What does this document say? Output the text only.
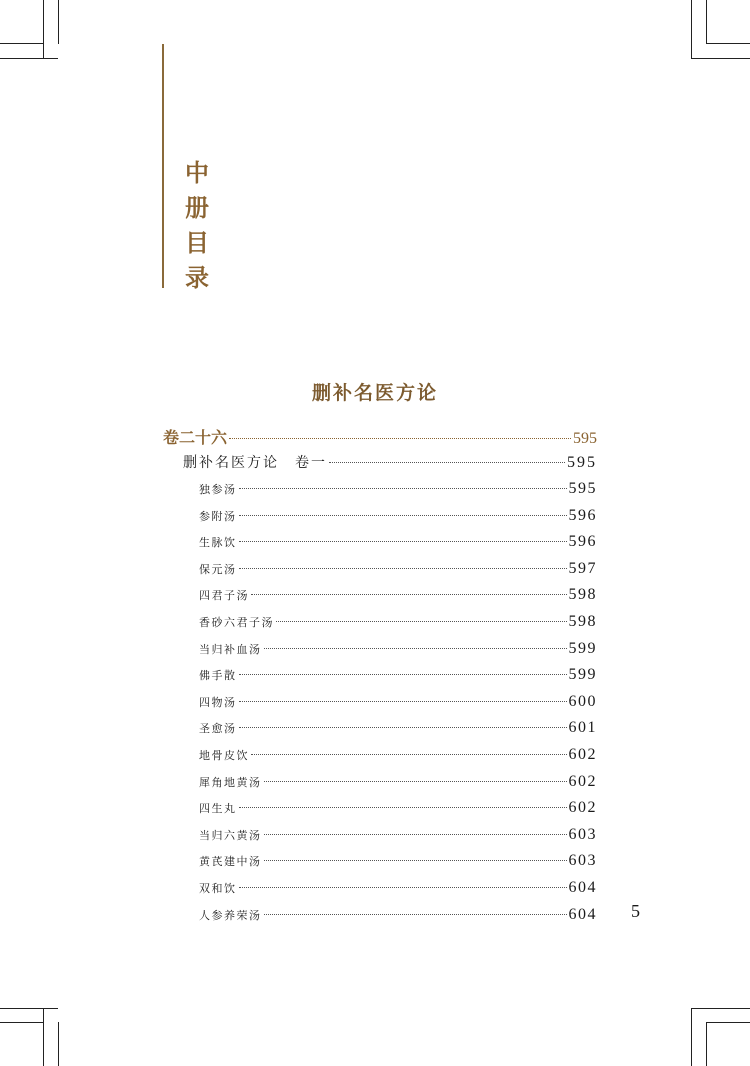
中
册
目
录
删补名医方论
卷二十六	595
删补名医方论　卷一	595
独参汤	595
参附汤	596
生脉饮	596
保元汤	597
四君子汤	598
香砂六君子汤	598
当归补血汤	599
佛手散	599
四物汤	600
圣愈汤	601
地骨皮饮	602
犀角地黄汤	602
四生丸	602
当归六黄汤	603
黄芪建中汤	603
双和饮	604
人参养荣汤	604 5
